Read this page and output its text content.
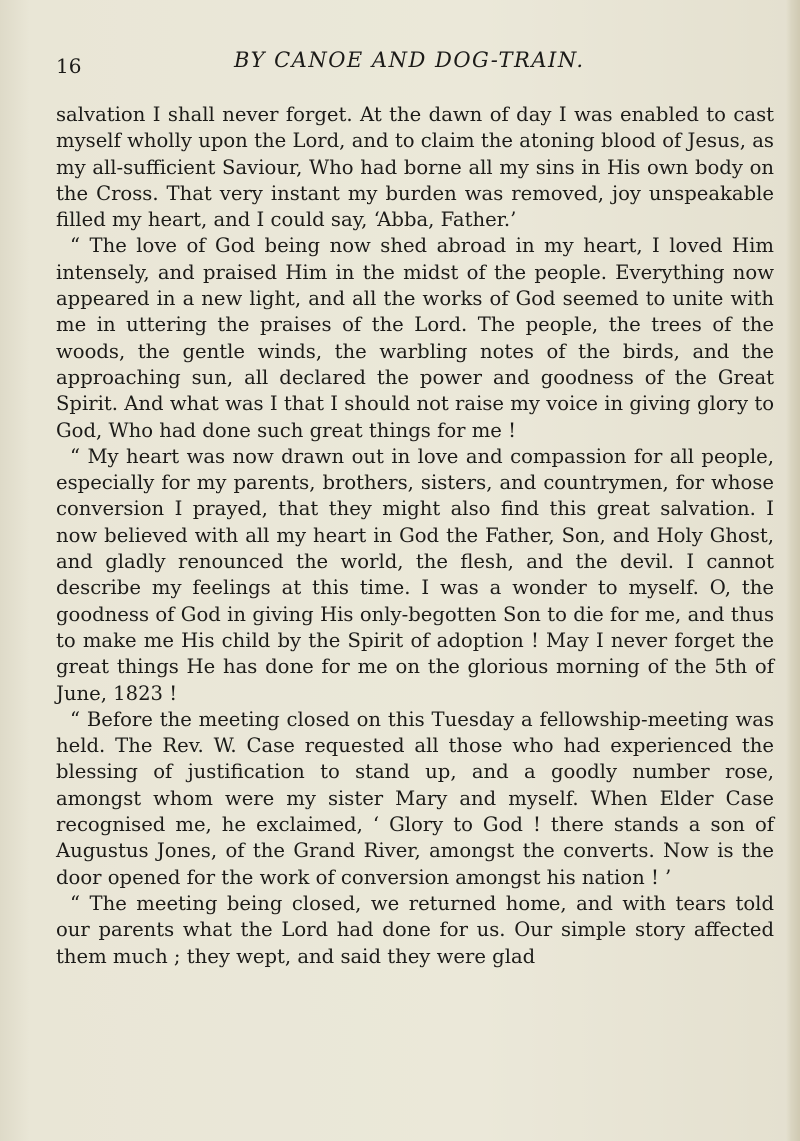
16	BY CANOE AND DOG-TRAIN.

salvation I shall never forget. At the dawn of day I was enabled to cast myself wholly upon the Lord, and to claim the atoning blood of Jesus, as my all-sufficient Saviour, Who had borne all my sins in His own body on the Cross. That very instant my burden was removed, joy unspeakable filled my heart, and I could say, ‘Abba, Father.’

“ The love of God being now shed abroad in my heart, I loved Him intensely, and praised Him in the midst of the people. Everything now appeared in a new light, and all the works of God seemed to unite with me in uttering the praises of the Lord. The people, the trees of the woods, the gentle winds, the warbling notes of the birds, and the approaching sun, all declared the power and goodness of the Great Spirit. And what was I that I should not raise my voice in giving glory to God, Who had done such great things for me !

“ My heart was now drawn out in love and compassion for all people, especially for my parents, brothers, sisters, and countrymen, for whose conversion I prayed, that they might also find this great salvation. I now believed with all my heart in God the Father, Son, and Holy Ghost, and gladly renounced the world, the flesh, and the devil. I cannot describe my feelings at this time. I was a wonder to myself. O, the goodness of God in giving His only-begotten Son to die for me, and thus to make me His child by the Spirit of adoption ! May I never forget the great things He has done for me on the glorious morning of the 5th of June, 1823 !

“ Before the meeting closed on this Tuesday a fellowship-meeting was held. The Rev. W. Case requested all those who had experienced the blessing of justification to stand up, and a goodly number rose, amongst whom were my sister Mary and myself. When Elder Case recognised me, he exclaimed, ‘ Glory to God ! there stands a son of Augustus Jones, of the Grand River, amongst the converts. Now is the door opened for the work of conversion amongst his nation ! ’

“ The meeting being closed, we returned home, and with tears told our parents what the Lord had done for us. Our simple story affected them much ; they wept, and said they were glad
